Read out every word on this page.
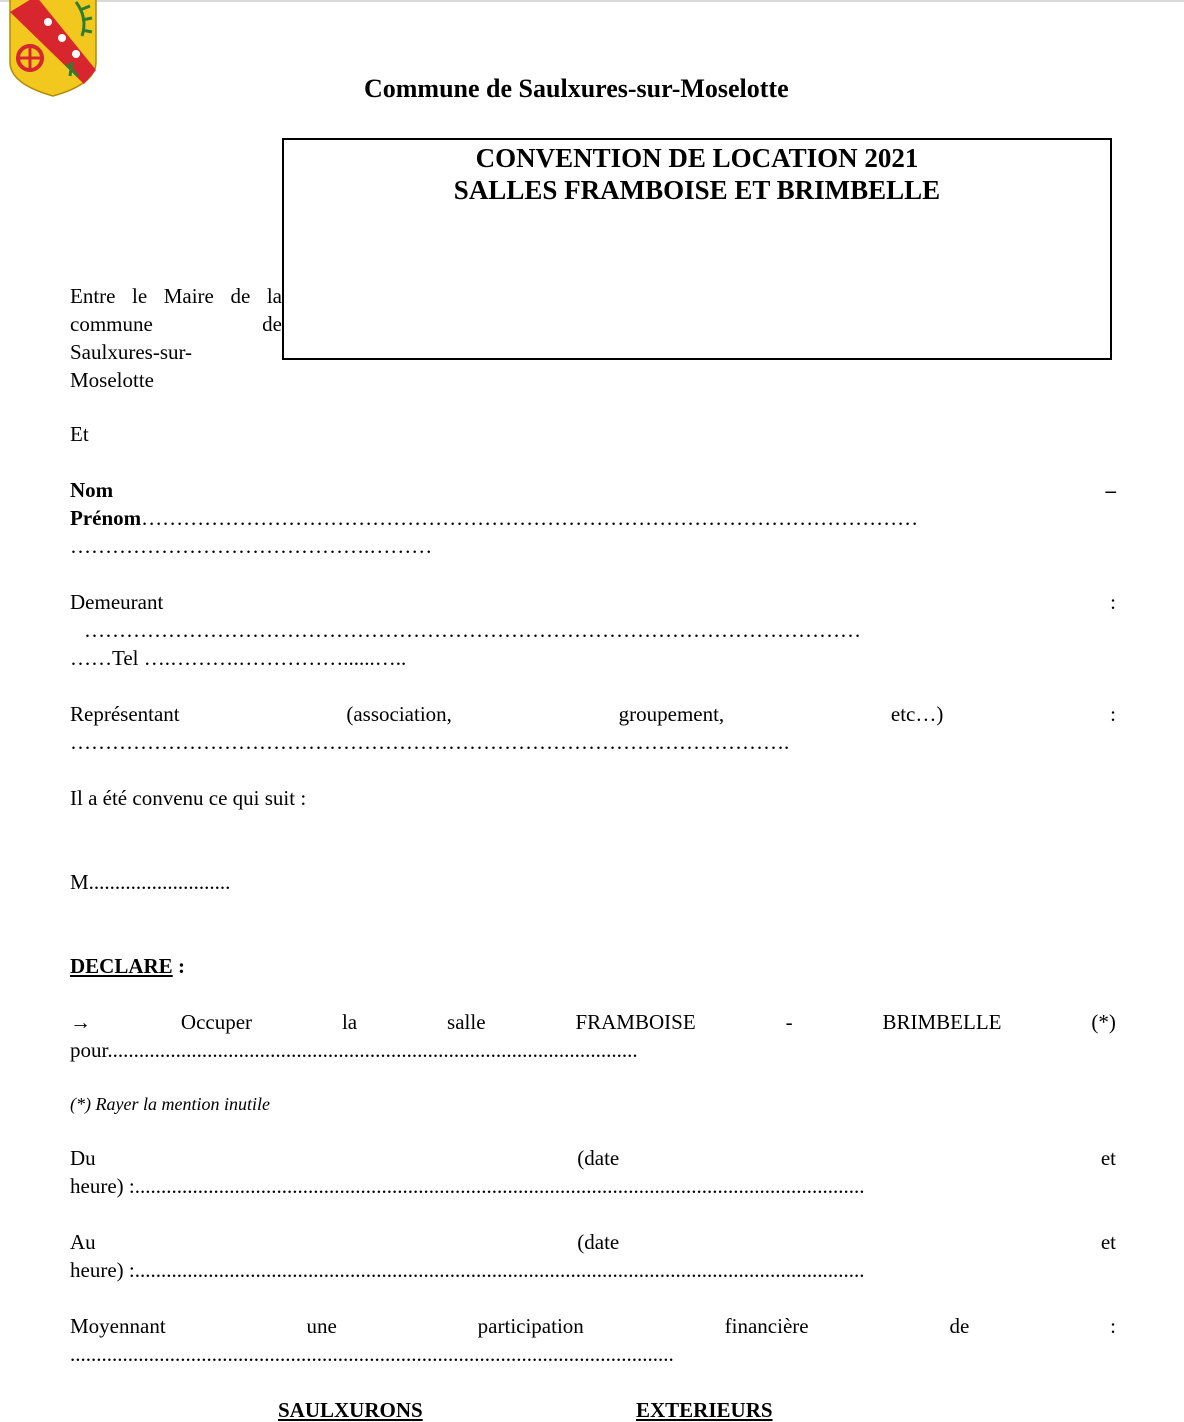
Commune de Saulxures-sur-Moselotte
CONVENTION DE LOCATION 2021
SALLES FRAMBOISE ET BRIMBELLE
Entre le Maire de la
commune	de
Saulxures-sur-
Moselotte
Et
Nom	–
Prénom…………………………………………………………………………………………………
…………………………………….………
Demeurant	:
…………………………………………………………………………………………………
……Tel ….……….……………......…..
Représentant	(association,	groupement,	etc…)	:
………………………………………………………………………………………….
Il a été convenu ce qui suit :
M...........................
DECLARE :
→	Occuper	la	salle	FRAMBOISE	-	BRIMBELLE	(*)
pour.....................................................................................................
(*) Rayer la mention inutile
Du	(date	et
heure) :...........................................................................................................................................
Au	(date	et
heure) :...........................................................................................................................................
Moyennant	une	participation	financière	de	:
...................................................................................................................
SAULXURONS	EXTERIEURS
